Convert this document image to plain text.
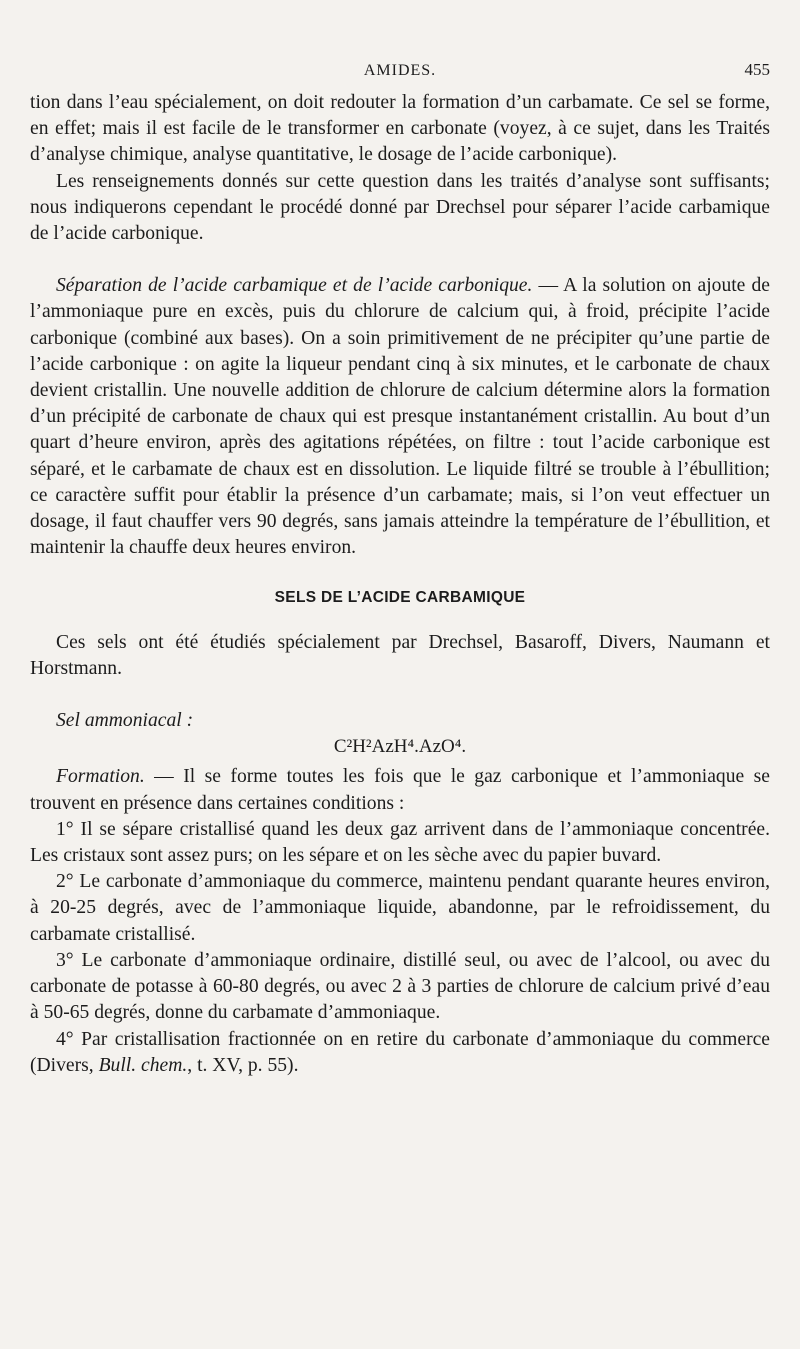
AMIDES.	455

tion dans l’eau spécialement, on doit redouter la formation d’un carbamate. Ce sel se forme, en effet; mais il est facile de le transformer en carbonate (voyez, à ce sujet, dans les Traités d’analyse chimique, analyse quantitative, le dosage de l’acide carbonique).

Les renseignements donnés sur cette question dans les traités d’analyse sont suffisants; nous indiquerons cependant le procédé donné par Drechsel pour séparer l’acide carbamique de l’acide carbonique.

Séparation de l’acide carbamique et de l’acide carbonique. — A la solution on ajoute de l’ammoniaque pure en excès, puis du chlorure de calcium qui, à froid, précipite l’acide carbonique (combiné aux bases). On a soin primitivement de ne précipiter qu’une partie de l’acide carbonique : on agite la liqueur pendant cinq à six minutes, et le carbonate de chaux devient cristallin. Une nouvelle addition de chlorure de calcium détermine alors la formation d’un précipité de carbonate de chaux qui est presque instantanément cristallin. Au bout d’un quart d’heure environ, après des agitations répétées, on filtre : tout l’acide carbonique est séparé, et le carbamate de chaux est en dissolution. Le liquide filtré se trouble à l’ébullition; ce caractère suffit pour établir la présence d’un carbamate; mais, si l’on veut effectuer un dosage, il faut chauffer vers 90 degrés, sans jamais atteindre la température de l’ébullition, et maintenir la chauffe deux heures environ.

SELS DE L’ACIDE CARBAMIQUE

Ces sels ont été étudiés spécialement par Drechsel, Basaroff, Divers, Naumann et Horstmann.

Sel ammoniacal :

C²H²AzH⁴.AzO⁴.

Formation. — Il se forme toutes les fois que le gaz carbonique et l’ammoniaque se trouvent en présence dans certaines conditions :

1° Il se sépare cristallisé quand les deux gaz arrivent dans de l’ammoniaque concentrée. Les cristaux sont assez purs; on les sépare et on les sèche avec du papier buvard.

2° Le carbonate d’ammoniaque du commerce, maintenu pendant quarante heures environ, à 20-25 degrés, avec de l’ammoniaque liquide, abandonne, par le refroidissement, du carbamate cristallisé.

3° Le carbonate d’ammoniaque ordinaire, distillé seul, ou avec de l’alcool, ou avec du carbonate de potasse à 60-80 degrés, ou avec 2 à 3 parties de chlorure de calcium privé d’eau à 50-65 degrés, donne du carbamate d’ammoniaque.

4° Par cristallisation fractionnée on en retire du carbonate d’ammoniaque du commerce (Divers, Bull. chem., t. XV, p. 55).
